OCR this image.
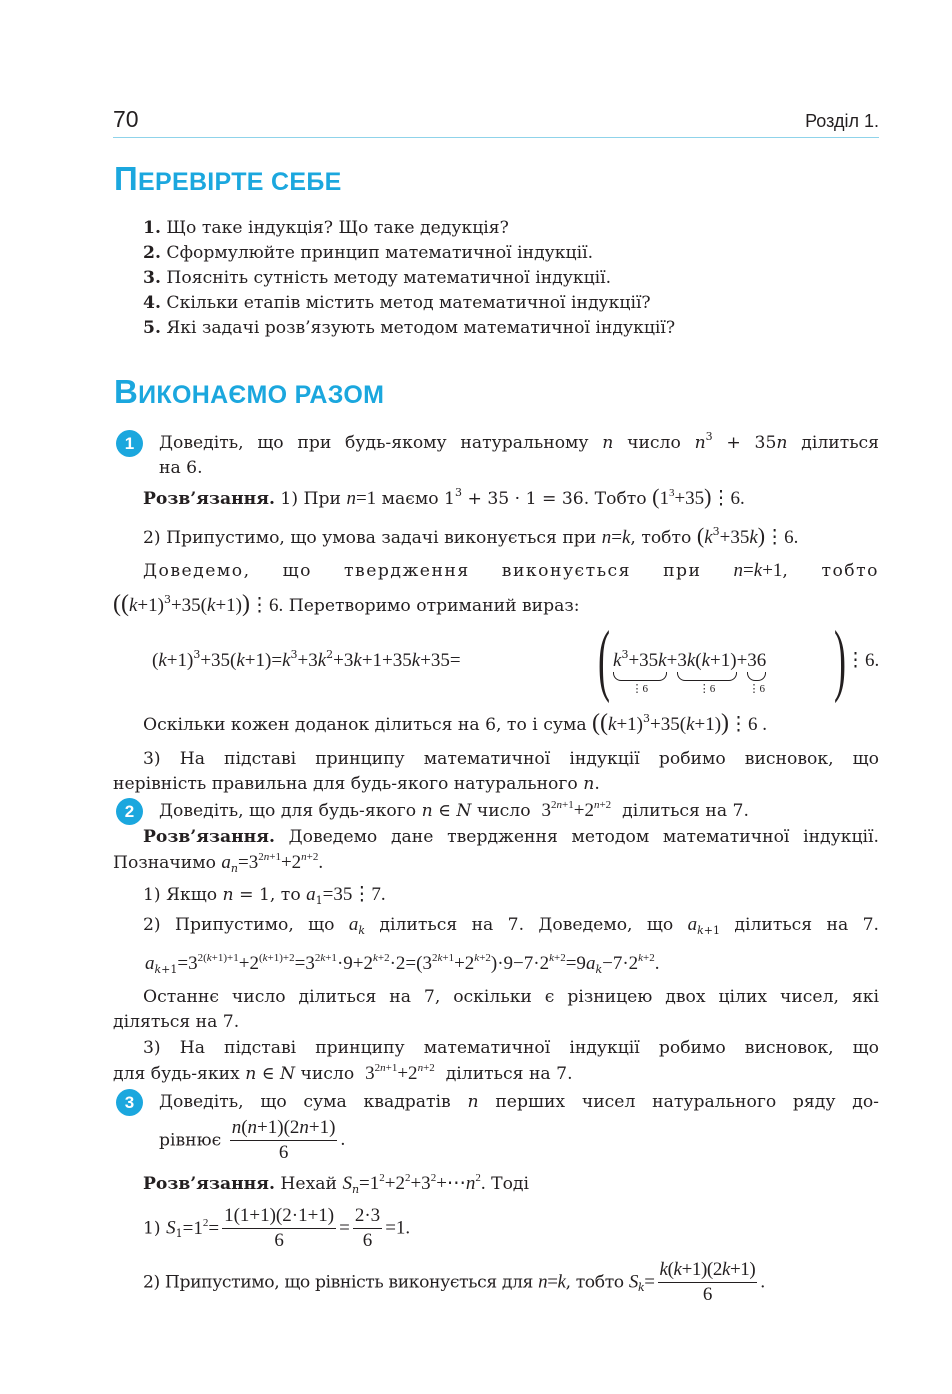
70	Розділ 1.
ПЕРЕВІРТЕ СЕБЕ
1. Що таке індукція? Що таке дедукція?
2. Сформулюйте принцип математичної індукції.
3. Поясніть сутність методу математичної індукції.
4. Скільки етапів містить метод математичної індукції?
5. Які задачі розв’язують методом математичної індукції?
ВИКОНАЄМО РАЗОМ
1	Доведіть, що при будь-якому натуральному n число $n^3 + 35n$ ділиться
на 6.
Розв’язання. 1) При n=1 маємо $1^3 + 35 \cdot 1 = 36$. Тобто $(1^3+35)⋮6$.
2) Припустимо, що умова задачі виконується при n=k, тобто $(k^3+35k)⋮6$.
Доведемо, що твердження виконується при n=k+1, тобто
$((k+1)^3+35(k+1))⋮6$. Перетворимо отриманий вираз:
$(k+1)^3+35(k+1)=k^3+3k^2+3k+1+35k+35=$ ( $k^3+35k$
⋮6
+3k(k+1)
⋮6
+36
⋮6 ) ⋮6.
Оскільки кожен доданок ділиться на 6, то і сума $((k+1)^3+35(k+1))⋮6$ .
3) На підставі принципу математичної індукції робимо висновок, що
нерівність правильна для будь-якого натурального n.
2	Доведіть, що для будь-якого n ∈ N число $3^{2n+1}+2^{n+2}$ ділиться на 7.
Розв’язання. Доведемо дане твердження методом математичної індукції.
Позначимо $a_n=3^{2n+1}+2^{n+2}$.
1) Якщо n = 1, то $a_1=35⋮7$.
2) Припустимо, що $a_k$ ділиться на 7. Доведемо, що $a_{k+1}$ ділиться на 7.
$a_{k+1}=3^{2(k+1)+1}+2^{(k+1)+2}=3^{2k+1}\cdot 9+2^{k+2}\cdot 2=(3^{2k+1}+2^{k+2})\cdot 9-7\cdot 2^{k+2}=9a_k-7\cdot 2^{k+2}$.
Останнє число ділиться на 7, оскільки є різницею двох цілих чисел, які
діляться на 7.
3) На підставі принципу математичної індукції робимо висновок, що
для будь-яких n ∈ N число $3^{2n+1}+2^{n+2}$ ділиться на 7.
3	Доведіть, що сума квадратів n перших чисел натурального ряду до-
рівнює $\frac{n(n+1)(2n+1)}{6}$ .
Розв’язання. Нехай $S_n=1^2+2^2+3^2+\cdots n^2$. Тоді
1) $S_1=1^2= \frac{1(1+1)(2\cdot 1+1)}{6} = \frac{2\cdot 3}{6} =1$.
2) Припустимо, що рівність виконується для n=k, тобто $S_k= \frac{k(k+1)(2k+1)}{6}$ .
